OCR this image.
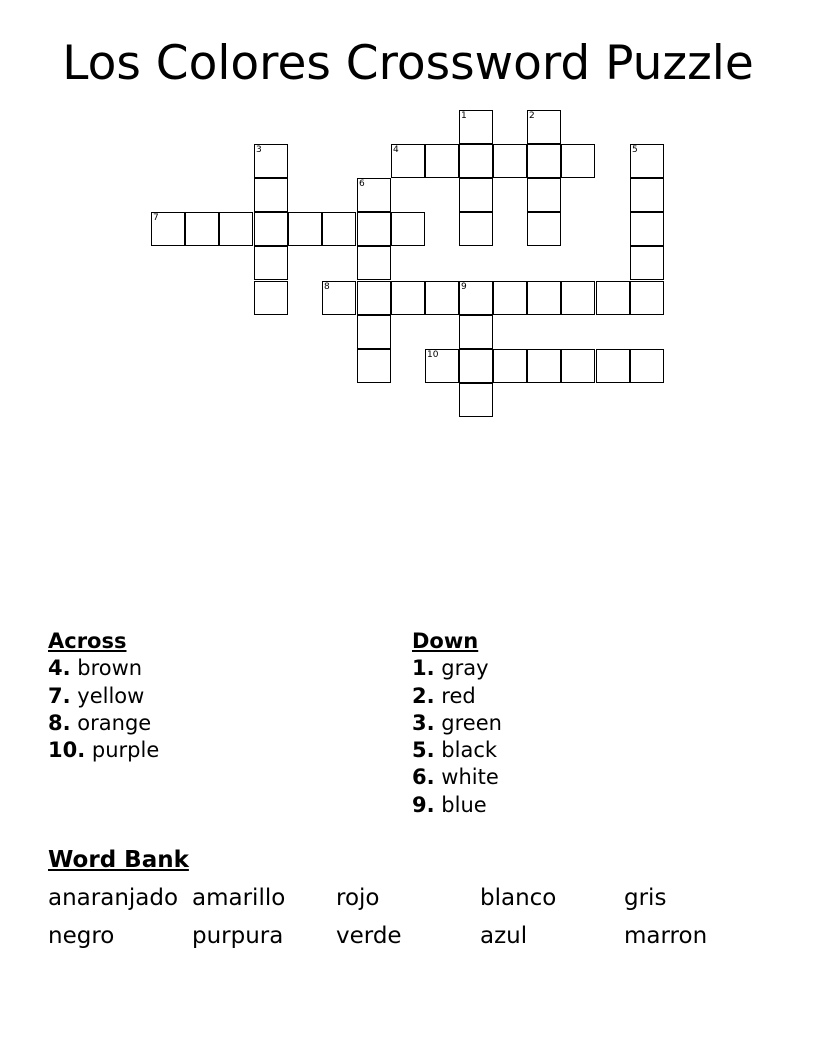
Los Colores Crossword Puzzle
1	2
3	4	5
6
7
8	9
10
Across
4. brown
7. yellow
8. orange
10. purple
Down
1. gray
2. red
3. green
5. black
6. white
9. blue
Word Bank
anaranjado amarillo rojo	blanco	gris
negro	purpura verde	azul	marron
